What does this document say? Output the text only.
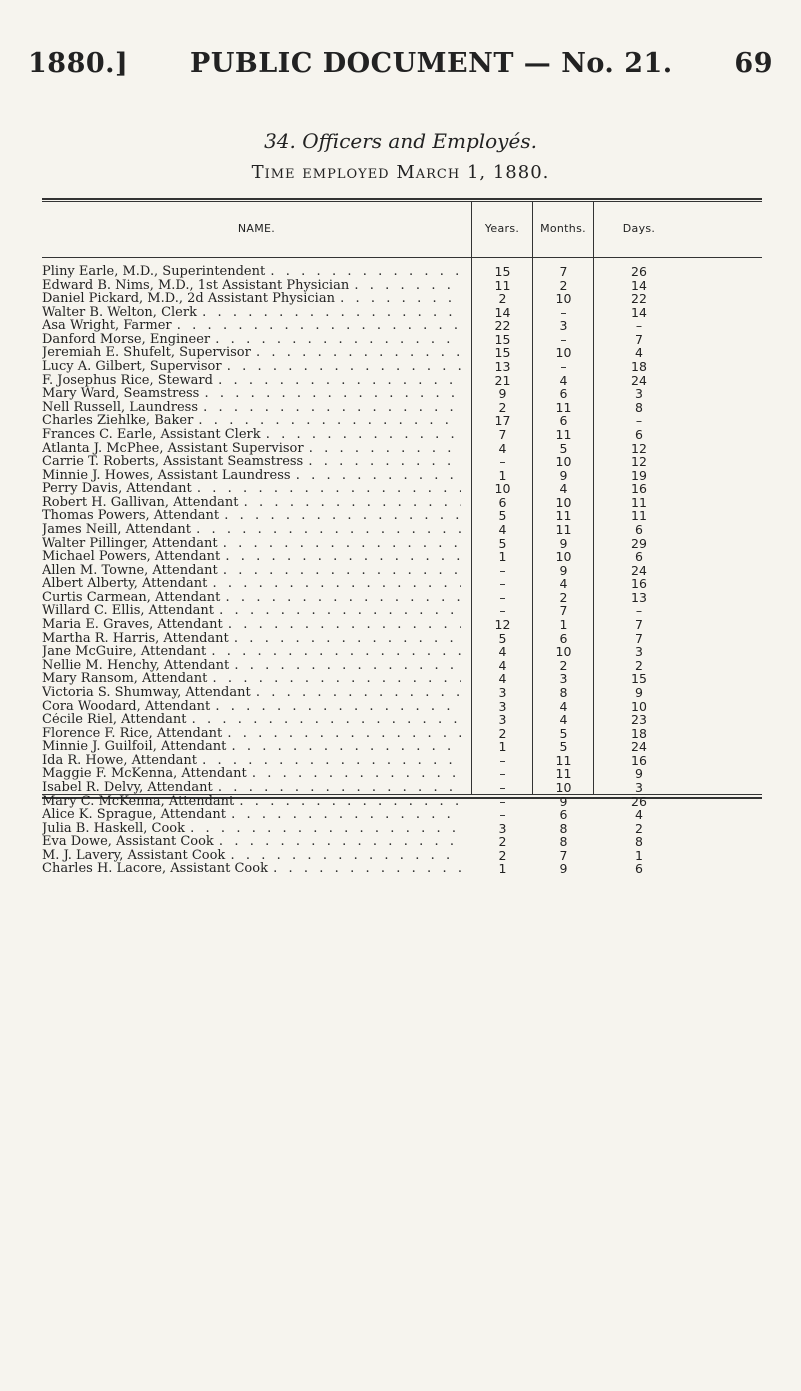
1880.] PUBLIC DOCUMENT — No. 21. 69
34. Officers and Employés.
Time employed March 1, 1880.
NAME.	Years.	Months.	Days.
Pliny Earle, M.D., Superintendent . .	15	7	26
Edward B. Nims, M.D., 1st Assistant Physician . .	11	2	14
Daniel Pickard, M.D., 2d Assistant Physician . .	2	10	22
Walter B. Welton, Clerk . .	14	–	14
Asa Wright, Farmer . .	22	3	–
Danford Morse, Engineer . .	15	–	7
Jeremiah E. Shufelt, Supervisor . .	15	10	4
Lucy A. Gilbert, Supervisor . .	13	–	18
F. Josephus Rice, Steward . .	21	4	24
Mary Ward, Seamstress . .	9	6	3
Nell Russell, Laundress . .	2	11	8
Charles Ziehlke, Baker . .	17	6	–
Frances C. Earle, Assistant Clerk . .	7	11	6
Atlanta J. McPhee, Assistant Supervisor . .	4	5	12
Carrie T. Roberts, Assistant Seamstress . .	–	10	12
Minnie J. Howes, Assistant Laundress . .	1	9	19
Perry Davis, Attendant . .	10	4	16
Robert H. Gallivan, Attendant . .	6	10	11
Thomas Powers, Attendant . .	5	11	11
James Neill, Attendant . .	4	11	6
Walter Pillinger, Attendant . .	5	9	29
Michael Powers, Attendant . .	1	10	6
Allen M. Towne, Attendant . .	–	9	24
Albert Alberty, Attendant . .	–	4	16
Curtis Carmean, Attendant . .	–	2	13
Willard C. Ellis, Attendant . .	–	7	–
Maria E. Graves, Attendant . .	12	1	7
Martha R. Harris, Attendant . .	5	6	7
Jane McGuire, Attendant . .	4	10	3
Nellie M. Henchy, Attendant . .	4	2	2
Mary Ransom, Attendant . .	4	3	15
Victoria S. Shumway, Attendant . .	3	8	9
Cora Woodard, Attendant . .	3	4	10
Cécile Riel, Attendant . .	3	4	23
Florence F. Rice, Attendant . .	2	5	18
Minnie J. Guilfoil, Attendant . .	1	5	24
Ida R. Howe, Attendant . .	–	11	16
Maggie F. McKenna, Attendant . .	–	11	9
Isabel R. Delvy, Attendant . .	–	10	3
Mary C. McKenna, Attendant . .	–	9	26
Alice K. Sprague, Attendant . .	–	6	4
Julia B. Haskell, Cook . .	3	8	2
Eva Dowe, Assistant Cook . .	2	8	8
M. J. Lavery, Assistant Cook . .	2	7	1
Charles H. Lacore, Assistant Cook . .	1	9	6
